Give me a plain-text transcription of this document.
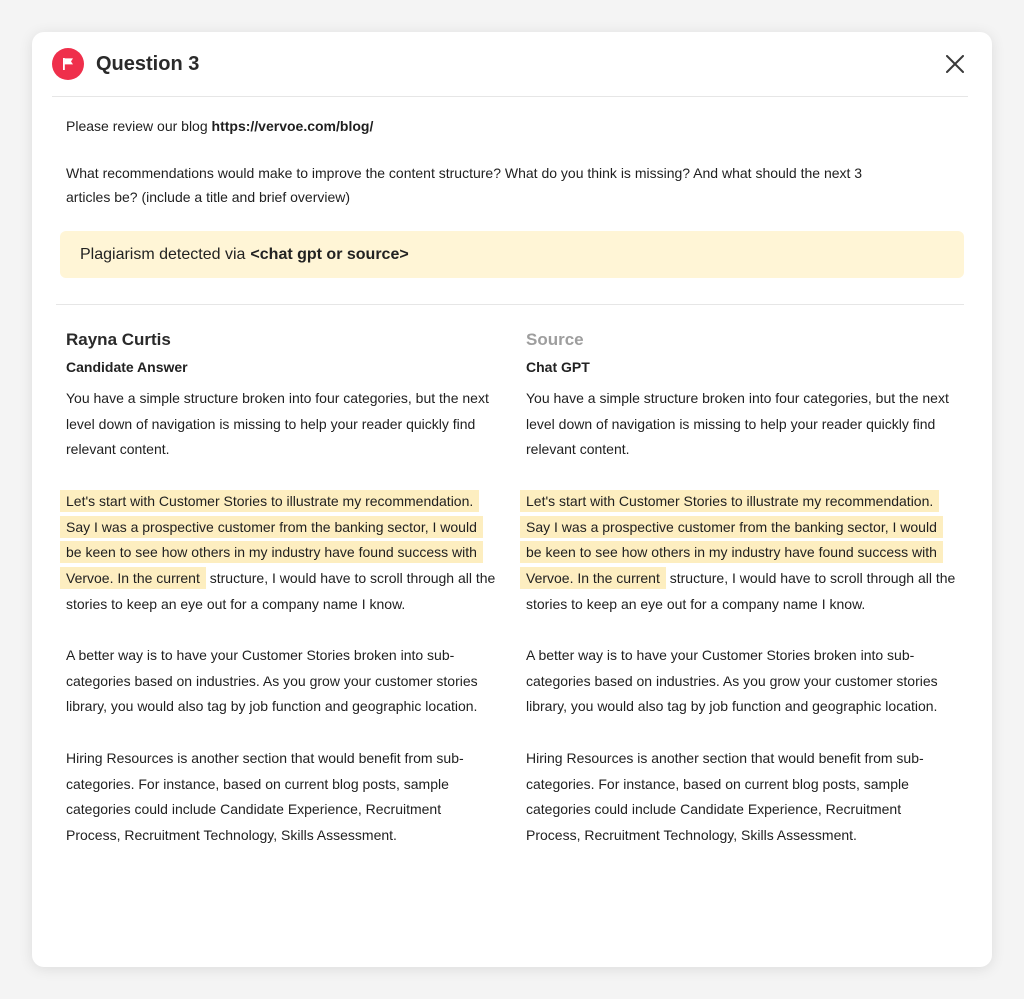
Question 3
Please review our blog https://vervoe.com/blog/
What recommendations would make to improve the content structure? What do you think is missing? And what should the next 3
articles be? (include a title and brief overview)
Plagiarism detected via <chat gpt or source>
Rayna Curtis
Candidate Answer

You have a simple structure broken into four categories, but the next level down of navigation is missing to help your reader quickly find relevant content.

Let's start with Customer Stories to illustrate my recommendation. Say I was a prospective customer from the banking sector, I would be keen to see how others in my industry have found success with Vervoe. In the current structure, I would have to scroll through all the stories to keep an eye out for a company name I know.

A better way is to have your Customer Stories broken into sub-categories based on industries. As you grow your customer stories library, you would also tag by job function and geographic location.

Hiring Resources is another section that would benefit from sub-categories. For instance, based on current blog posts, sample categories could include Candidate Experience, Recruitment Process, Recruitment Technology, Skills Assessment.

Source
Chat GPT

You have a simple structure broken into four categories, but the next level down of navigation is missing to help your reader quickly find relevant content.

Let's start with Customer Stories to illustrate my recommendation. Say I was a prospective customer from the banking sector, I would be keen to see how others in my industry have found success with Vervoe. In the current structure, I would have to scroll through all the stories to keep an eye out for a company name I know.

A better way is to have your Customer Stories broken into sub-categories based on industries. As you grow your customer stories library, you would also tag by job function and geographic location.

Hiring Resources is another section that would benefit from sub-categories. For instance, based on current blog posts, sample categories could include Candidate Experience, Recruitment Process, Recruitment Technology, Skills Assessment.
